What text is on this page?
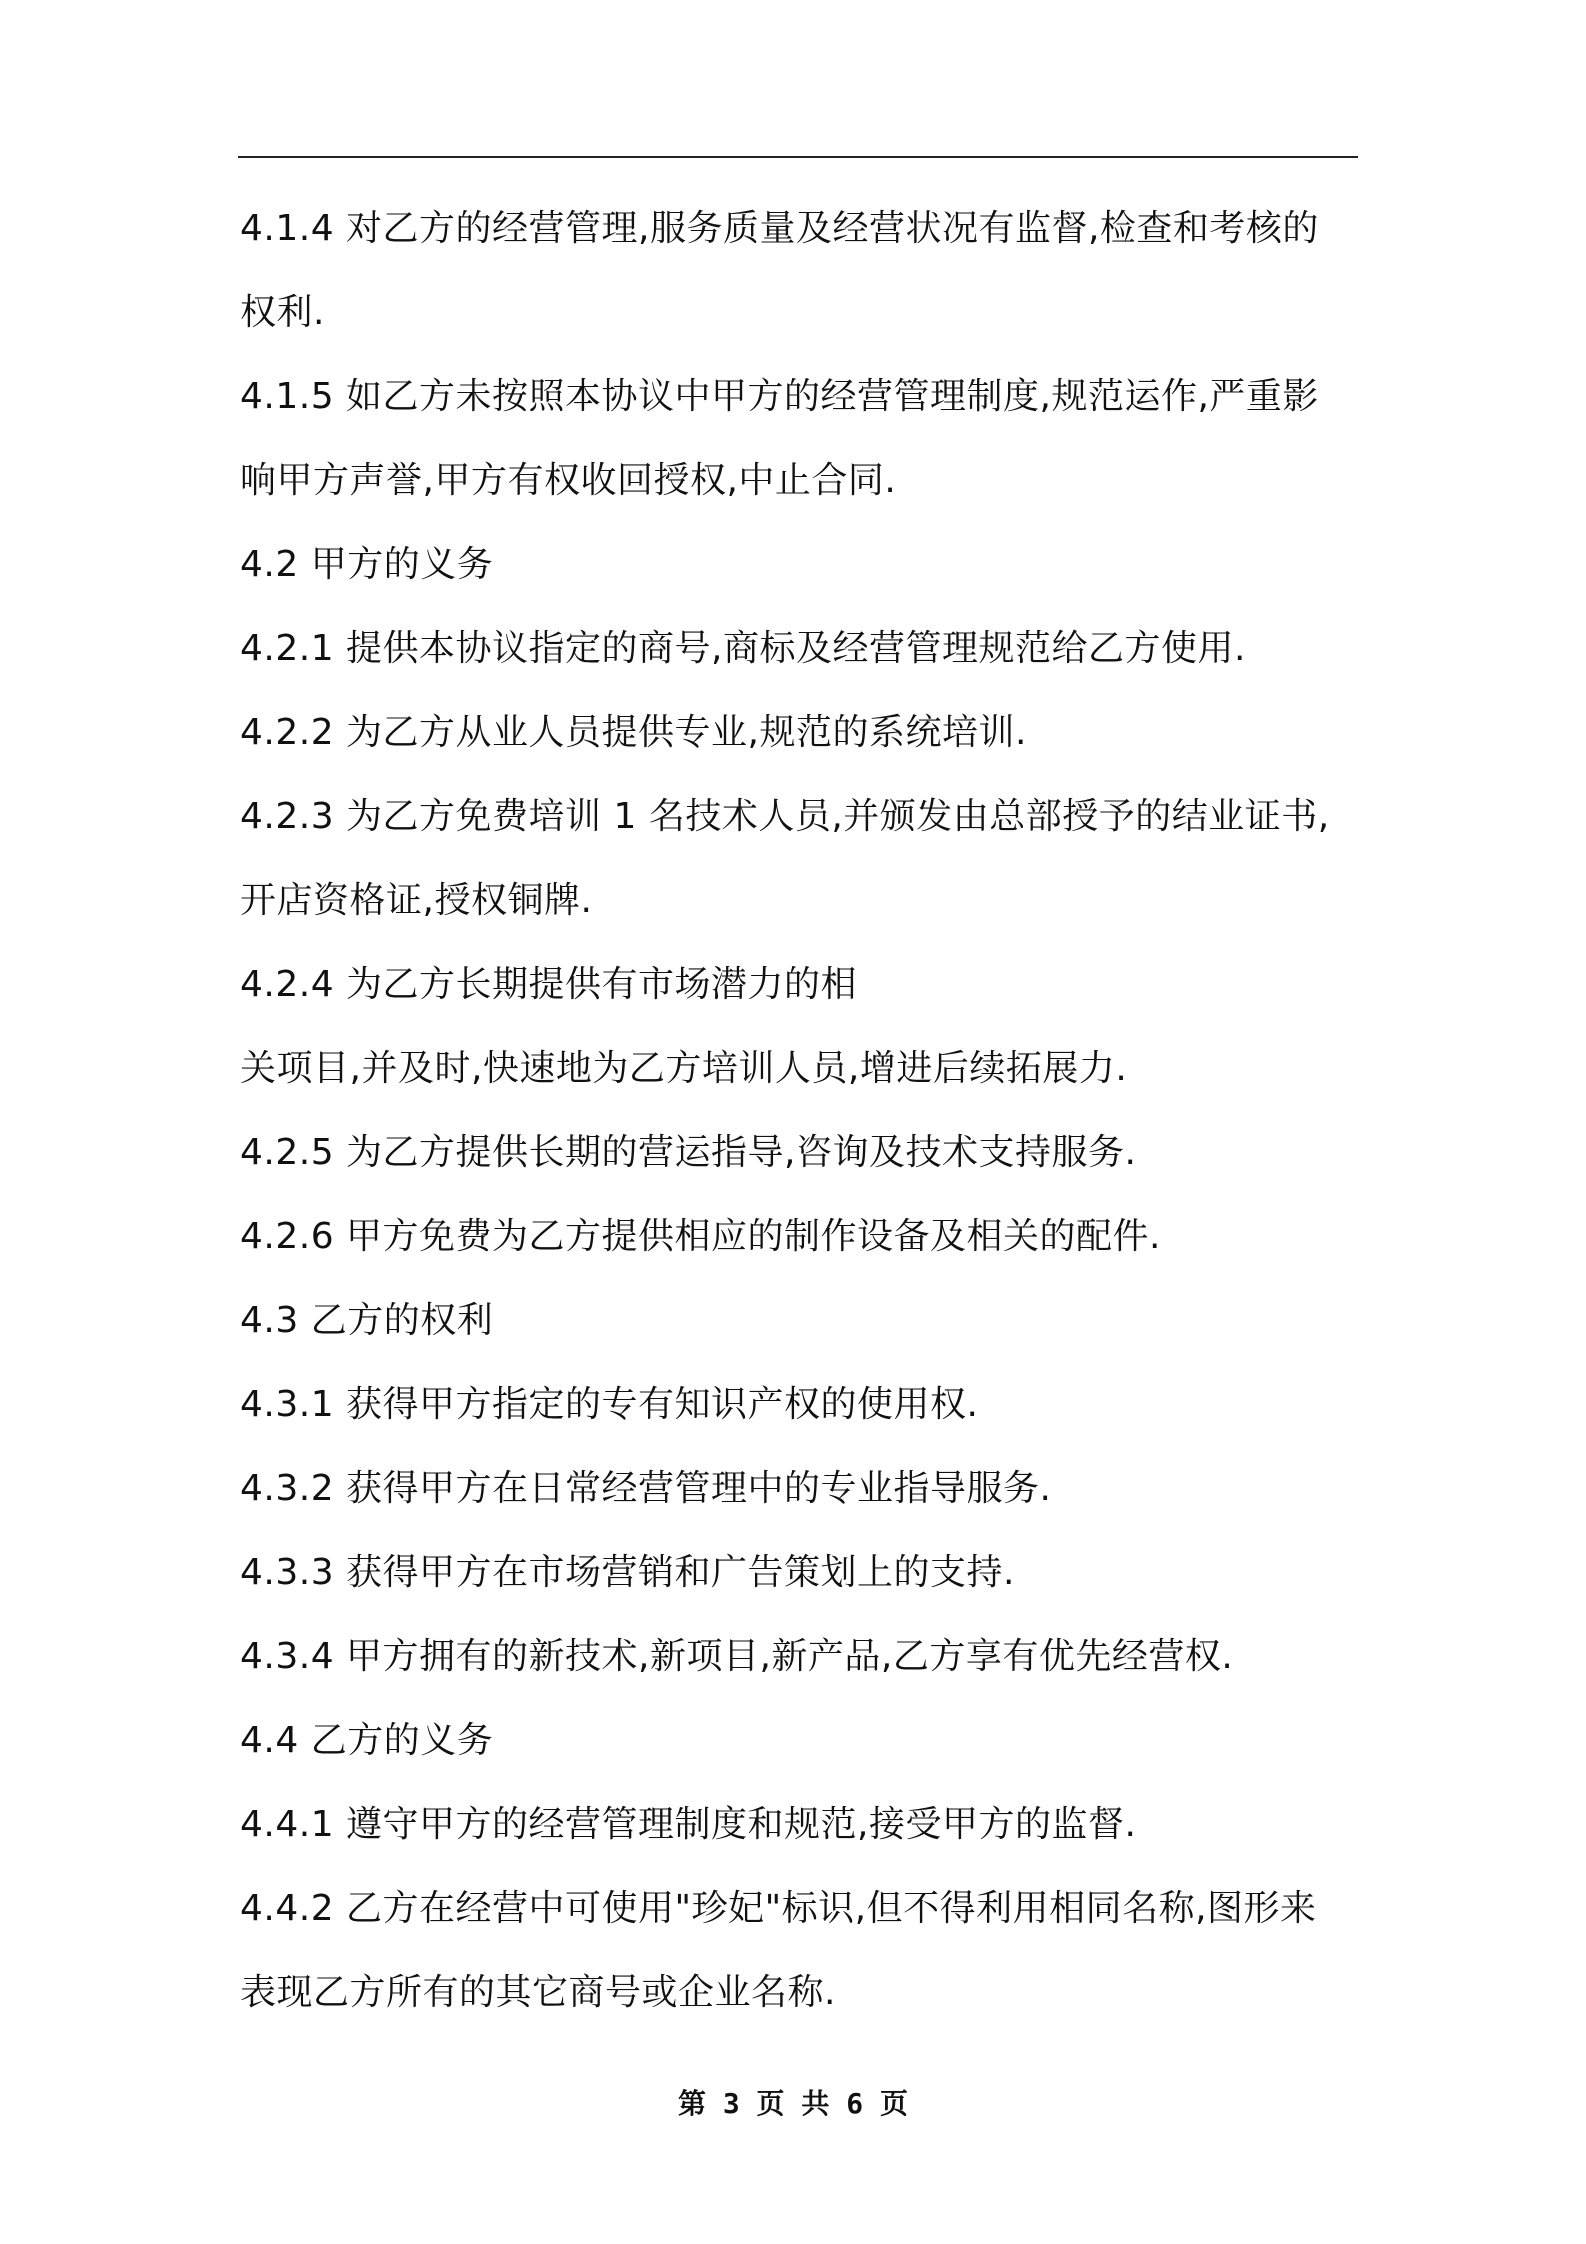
4.1.4 对乙方的经营管理,服务质量及经营状况有监督,检查和考核的
权利.
4.1.5 如乙方未按照本协议中甲方的经营管理制度,规范运作,严重影
响甲方声誉,甲方有权收回授权,中止合同.
4.2 甲方的义务
4.2.1 提供本协议指定的商号,商标及经营管理规范给乙方使用.
4.2.2 为乙方从业人员提供专业,规范的系统培训.
4.2.3 为乙方免费培训 1 名技术人员,并颁发由总部授予的结业证书,
开店资格证,授权铜牌.
4.2.4 为乙方长期提供有市场潜力的相
关项目,并及时,快速地为乙方培训人员,增进后续拓展力.
4.2.5 为乙方提供长期的营运指导,咨询及技术支持服务.
4.2.6 甲方免费为乙方提供相应的制作设备及相关的配件.
4.3 乙方的权利
4.3.1 获得甲方指定的专有知识产权的使用权.
4.3.2 获得甲方在日常经营管理中的专业指导服务.
4.3.3 获得甲方在市场营销和广告策划上的支持.
4.3.4 甲方拥有的新技术,新项目,新产品,乙方享有优先经营权.
4.4 乙方的义务
4.4.1 遵守甲方的经营管理制度和规范,接受甲方的监督.
4.4.2 乙方在经营中可使用"珍妃"标识,但不得利用相同名称,图形来
表现乙方所有的其它商号或企业名称.
第 3 页 共 6 页
